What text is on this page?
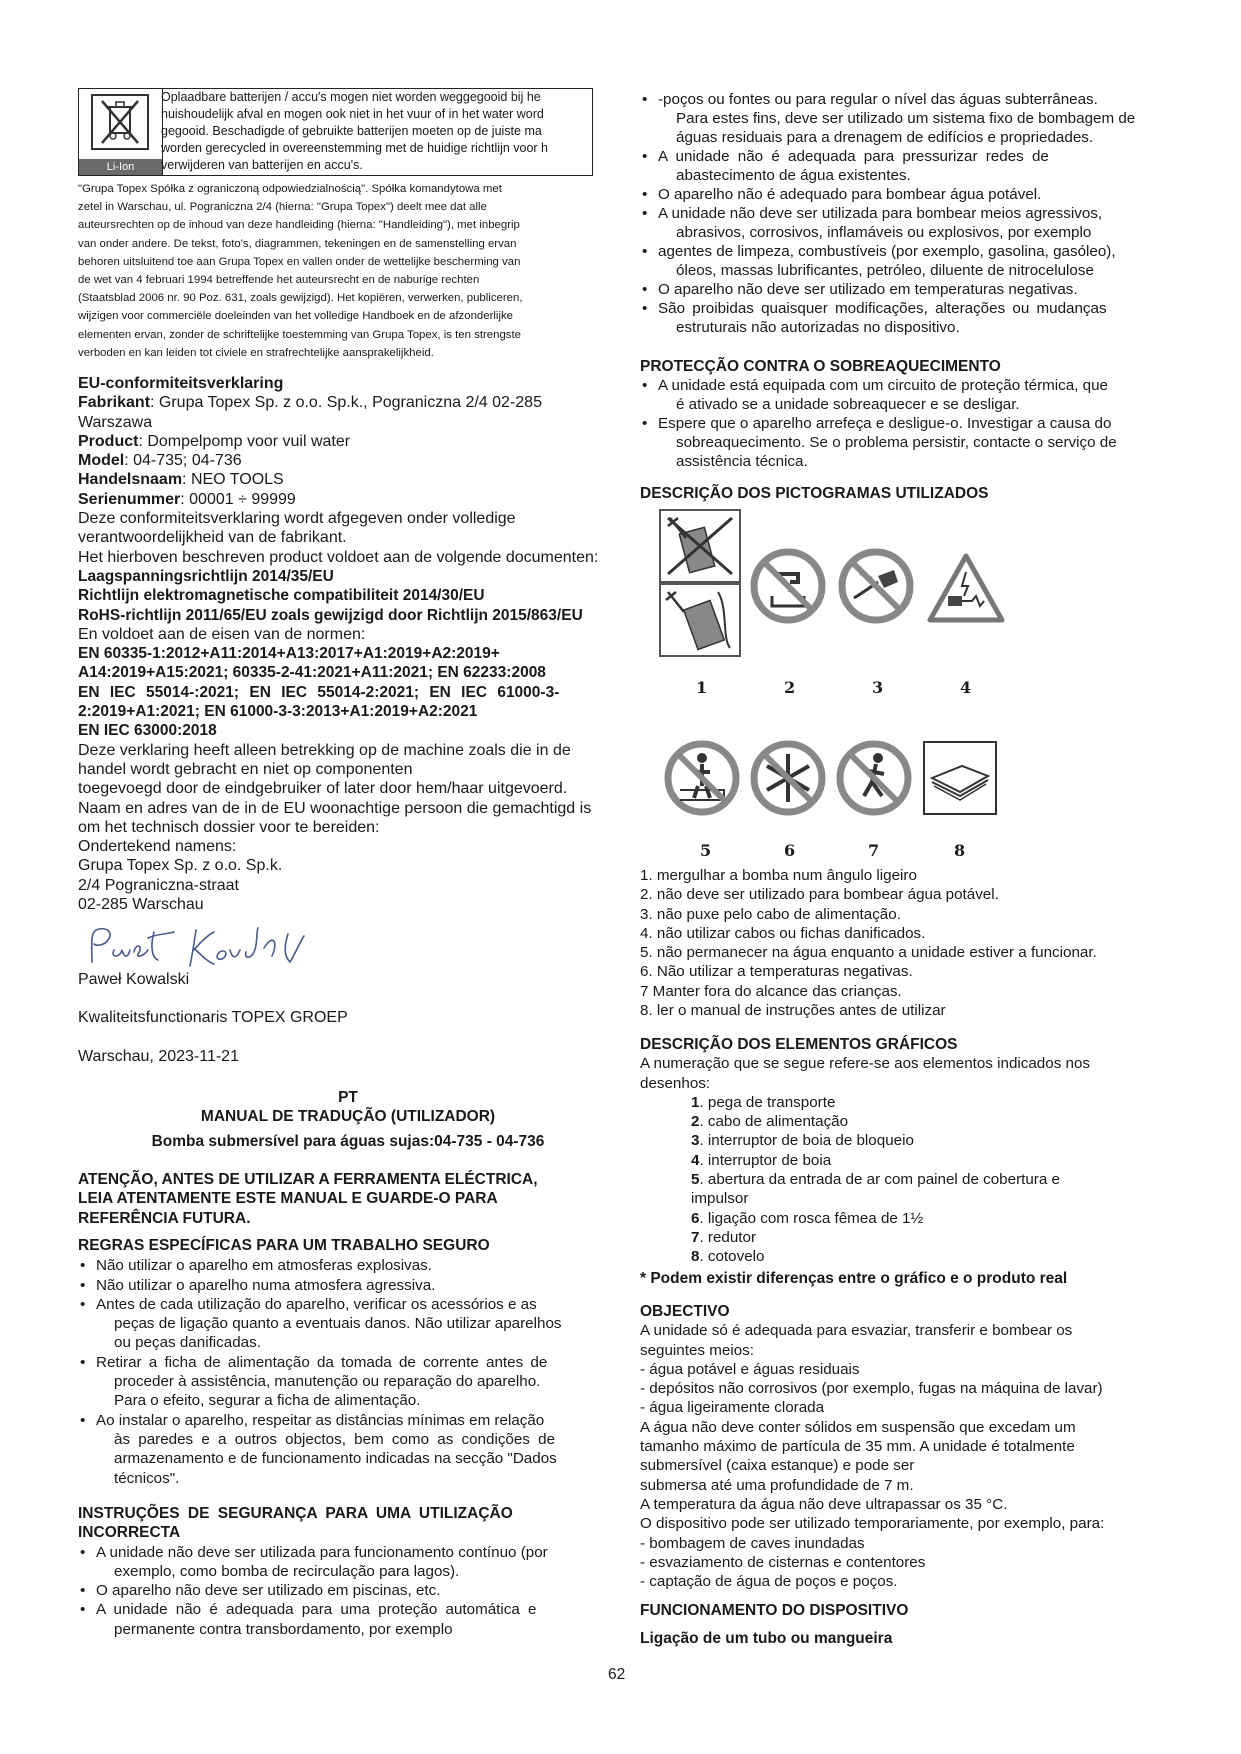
Li-Ion
Oplaadbare batterijen / accu's mogen niet worden weggegooid bij he
huishoudelijk afval en mogen ook niet in het vuur of in het water word
gegooid. Beschadigde of gebruikte batterijen moeten op de juiste ma
worden gerecycled in overeenstemming met de huidige richtlijn voor h
verwijderen van batterijen en accu's.
"Grupa Topex Spółka z ograniczoną odpowiedzialnością". Spółka komandytowa met
zetel in Warschau, ul. Pograniczna 2/4 (hierna: "Grupa Topex") deelt mee dat alle
auteursrechten op de inhoud van deze handleiding (hierna: "Handleiding"), met inbegrip
van onder andere. De tekst, foto's, diagrammen, tekeningen en de samenstelling ervan
behoren uitsluitend toe aan Grupa Topex en vallen onder de wettelijke bescherming van
de wet van 4 februari 1994 betreffende het auteursrecht en de naburige rechten
(Staatsblad 2006 nr. 90 Poz. 631, zoals gewijzigd). Het kopiëren, verwerken, publiceren,
wijzigen voor commerciële doeleinden van het volledige Handboek en de afzonderlijke
elementen ervan, zonder de schriftelijke toestemming van Grupa Topex, is ten strengste
verboden en kan leiden tot civiele en strafrechtelijke aansprakelijkheid.
EU-conformiteitsverklaring
Fabrikant: Grupa Topex Sp. z o.o. Sp.k., Pograniczna 2/4 02-285
Warszawa
Product: Dompelpomp voor vuil water
Model: 04-735; 04-736
Handelsnaam: NEO TOOLS
Serienummer: 00001 ÷ 99999
Deze conformiteitsverklaring wordt afgegeven onder volledige
verantwoordelijkheid van de fabrikant.
Het hierboven beschreven product voldoet aan de volgende documenten:
Laagspanningsrichtlijn 2014/35/EU
Richtlijn elektromagnetische compatibiliteit 2014/30/EU
RoHS-richtlijn 2011/65/EU zoals gewijzigd door Richtlijn 2015/863/EU
En voldoet aan de eisen van de normen:
EN 60335-1:2012+A11:2014+A13:2017+A1:2019+A2:2019+
A14:2019+A15:2021; 60335-2-41:2021+A11:2021; EN 62233:2008
EN IEC 55014-:2021; EN IEC 55014-2:2021; EN IEC 61000-3-
2:2019+A1:2021; EN 61000-3-3:2013+A1:2019+A2:2021
EN IEC 63000:2018
Deze verklaring heeft alleen betrekking op de machine zoals die in de
handel wordt gebracht en niet op componenten
toegevoegd door de eindgebruiker of later door hem/haar uitgevoerd.
Naam en adres van de in de EU woonachtige persoon die gemachtigd is
om het technisch dossier voor te bereiden:
Ondertekend namens:
Grupa Topex Sp. z o.o. Sp.k.
2/4 Pograniczna-straat
02-285 Warschau
Paweł Kowalski
Kwaliteitsfunctionaris TOPEX GROEP
Warschau, 2023-11-21
PT
MANUAL DE TRADUÇÃO (UTILIZADOR)
Bomba submersível para águas sujas:04-735 - 04-736
ATENÇÃO, ANTES DE UTILIZAR A FERRAMENTA ELÉCTRICA,
LEIA ATENTAMENTE ESTE MANUAL E GUARDE-O PARA
REFERÊNCIA FUTURA.
REGRAS ESPECÍFICAS PARA UM TRABALHO SEGURO
• Não utilizar o aparelho em atmosferas explosivas.
• Não utilizar o aparelho numa atmosfera agressiva.
• Antes de cada utilização do aparelho, verificar os acessórios e as
peças de ligação quanto a eventuais danos. Não utilizar aparelhos
ou peças danificadas.
• Retirar a ficha de alimentação da tomada de corrente antes de
proceder à assistência, manutenção ou reparação do aparelho.
Para o efeito, segurar a ficha de alimentação.
• Ao instalar o aparelho, respeitar as distâncias mínimas em relação
às paredes e a outros objectos, bem como as condições de
armazenamento e de funcionamento indicadas na secção "Dados
técnicos".
INSTRUÇÕES DE SEGURANÇA PARA UMA UTILIZAÇÃO
INCORRECTA
• A unidade não deve ser utilizada para funcionamento contínuo (por
exemplo, como bomba de recirculação para lagos).
• O aparelho não deve ser utilizado em piscinas, etc.
• A unidade não é adequada para uma proteção automática e
permanente contra transbordamento, por exemplo
• -poços ou fontes ou para regular o nível das águas subterrâneas.
Para estes fins, deve ser utilizado um sistema fixo de bombagem de
águas residuais para a drenagem de edifícios e propriedades.
• A unidade não é adequada para pressurizar redes de
abastecimento de água existentes.
• O aparelho não é adequado para bombear água potável.
• A unidade não deve ser utilizada para bombear meios agressivos,
abrasivos, corrosivos, inflamáveis ou explosivos, por exemplo
• agentes de limpeza, combustíveis (por exemplo, gasolina, gasóleo),
óleos, massas lubrificantes, petróleo, diluente de nitrocelulose
• O aparelho não deve ser utilizado em temperaturas negativas.
• São proibidas quaisquer modificações, alterações ou mudanças
estruturais não autorizadas no dispositivo.
PROTECÇÃO CONTRA O SOBREAQUECIMENTO
• A unidade está equipada com um circuito de proteção térmica, que
é ativado se a unidade sobreaquecer e se desligar.
• Espere que o aparelho arrefeça e desligue-o. Investigar a causa do
sobreaquecimento. Se o problema persistir, contacte o serviço de
assistência técnica.
DESCRIÇÃO DOS PICTOGRAMAS UTILIZADOS
1	2	3	4
5	6	7	8
1. mergulhar a bomba num ângulo ligeiro
2. não deve ser utilizado para bombear água potável.
3. não puxe pelo cabo de alimentação.
4. não utilizar cabos ou fichas danificados.
5. não permanecer na água enquanto a unidade estiver a funcionar.
6. Não utilizar a temperaturas negativas.
7 Manter fora do alcance das crianças.
8. ler o manual de instruções antes de utilizar
DESCRIÇÃO DOS ELEMENTOS GRÁFICOS
A numeração que se segue refere-se aos elementos indicados nos
desenhos:
1. pega de transporte
2. cabo de alimentação
3. interruptor de boia de bloqueio
4. interruptor de boia
5. abertura da entrada de ar com painel de cobertura e
impulsor
6. ligação com rosca fêmea de 1½
7. redutor
8. cotovelo
* Podem existir diferenças entre o gráfico e o produto real
OBJECTIVO
A unidade só é adequada para esvaziar, transferir e bombear os
seguintes meios:
- água potável e águas residuais
- depósitos não corrosivos (por exemplo, fugas na máquina de lavar)
- água ligeiramente clorada
A água não deve conter sólidos em suspensão que excedam um
tamanho máximo de partícula de 35 mm. A unidade é totalmente
submersível (caixa estanque) e pode ser
submersa até uma profundidade de 7 m.
A temperatura da água não deve ultrapassar os 35 °C.
O dispositivo pode ser utilizado temporariamente, por exemplo, para:
- bombagem de caves inundadas
- esvaziamento de cisternas e contentores
- captação de água de poços e poços.
FUNCIONAMENTO DO DISPOSITIVO
Ligação de um tubo ou mangueira
62
